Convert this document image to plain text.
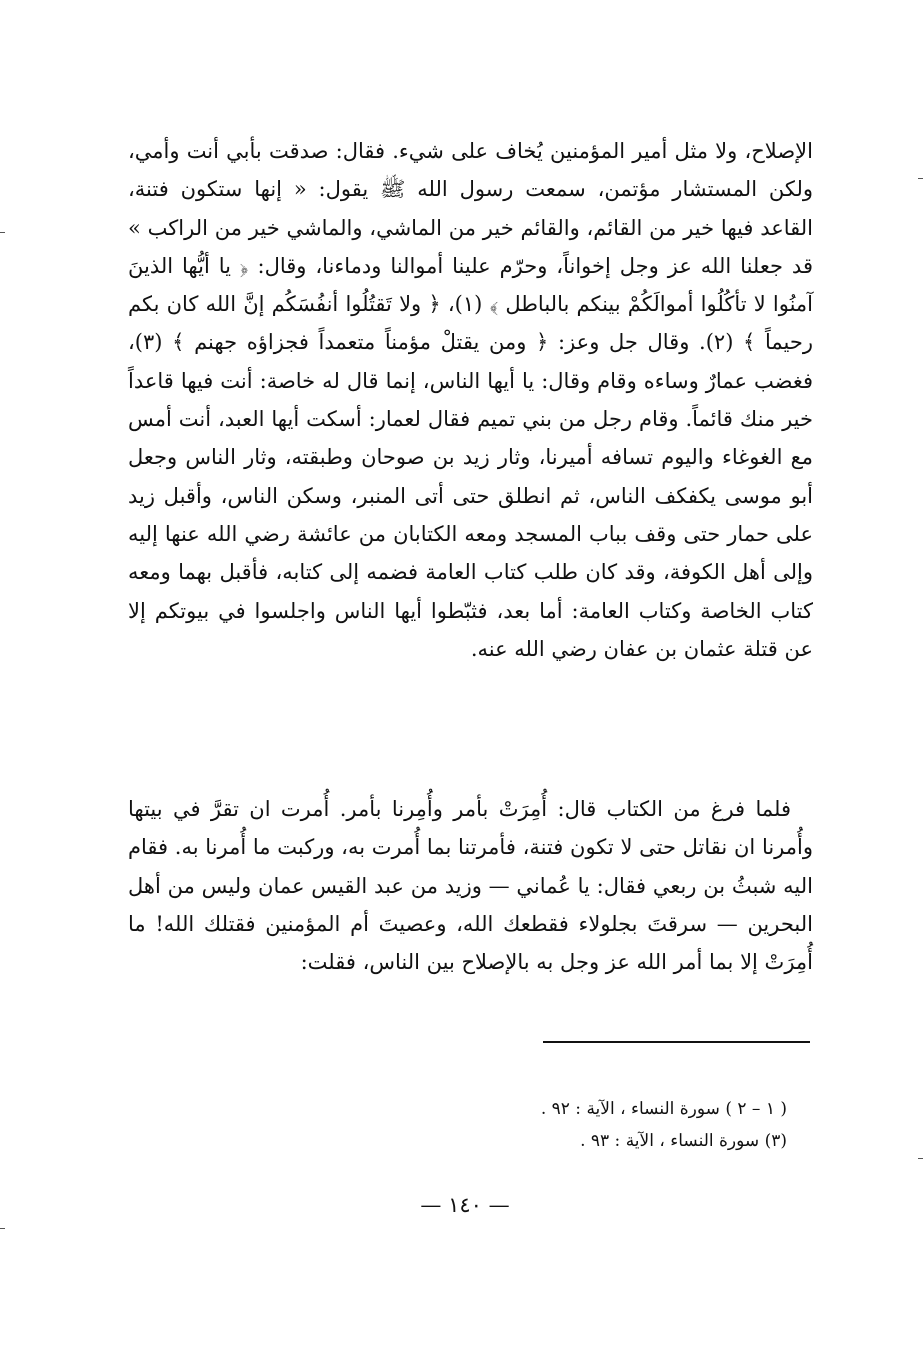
الإصلاح، ولا مثل أمير المؤمنين يُخاف على شيء. فقال: صدقت بأبي أنت وأمي، ولكن المستشار مؤتمن، سمعت رسول الله ﷺ يقول: « إنها ستكون فتنة، القاعد فيها خير من القائم، والقائم خير من الماشي، والماشي خير من الراكب » قد جعلنا الله عز وجل إخواناً، وحرّم علينا أموالنا ودماءنا، وقال: ﴿ يا أيُّها الذينَ آمنُوا لا تأكُلُوا أموالَكُمْ بينكم بالباطل ﴾ (١)، ﴿ ولا تَقتُلُوا أنفُسَكُم إنَّ الله كان بكم رحيماً ﴾ (٢). وقال جل وعز: ﴿ ومن يقتلْ مؤمناً متعمداً فجزاؤه جهنم ﴾ (٣)، فغضب عمارٌ وساءه وقام وقال: يا أيها الناس، إنما قال له خاصة: أنت فيها قاعداً خير منك قائماً. وقام رجل من بني تميم فقال لعمار: أسكت أيها العبد، أنت أمس مع الغوغاء واليوم تسافه أميرنا، وثار زيد بن صوحان وطبقته، وثار الناس وجعل أبو موسى يكفكف الناس، ثم انطلق حتى أتى المنبر، وسكن الناس، وأقبل زيد على حمار حتى وقف بباب المسجد ومعه الكتابان من عائشة رضي الله عنها إليه وإلى أهل الكوفة، وقد كان طلب كتاب العامة فضمه إلى كتابه، فأقبل بهما ومعه كتاب الخاصة وكتاب العامة: أما بعد، فثبّطوا أيها الناس واجلسوا في بيوتكم إلا عن قتلة عثمان بن عفان رضي الله عنه.

فلما فرغ من الكتاب قال: أُمِرَتْ بأمر وأُمِرنا بأمر. أُمرت ان تقرَّ في بيتها وأُمرنا ان نقاتل حتى لا تكون فتنة، فأمرتنا بما أُمرت به، وركبت ما أُمرنا به. فقام اليه شبثُ بن ربعي فقال: يا عُماني — وزيد من عبد القيس عمان وليس من أهل البحرين — سرقتَ بجلولاء فقطعك الله، وعصيتَ أم المؤمنين فقتلك الله! ما أُمِرَتْ إلا بما أمر الله عز وجل به بالإصلاح بين الناس، فقلت:

( ١ – ٢ ) سورة النساء ، الآية : ٩٢ .
(٣) سورة النساء ، الآية : ٩٣ .
— ١٤٠ —
